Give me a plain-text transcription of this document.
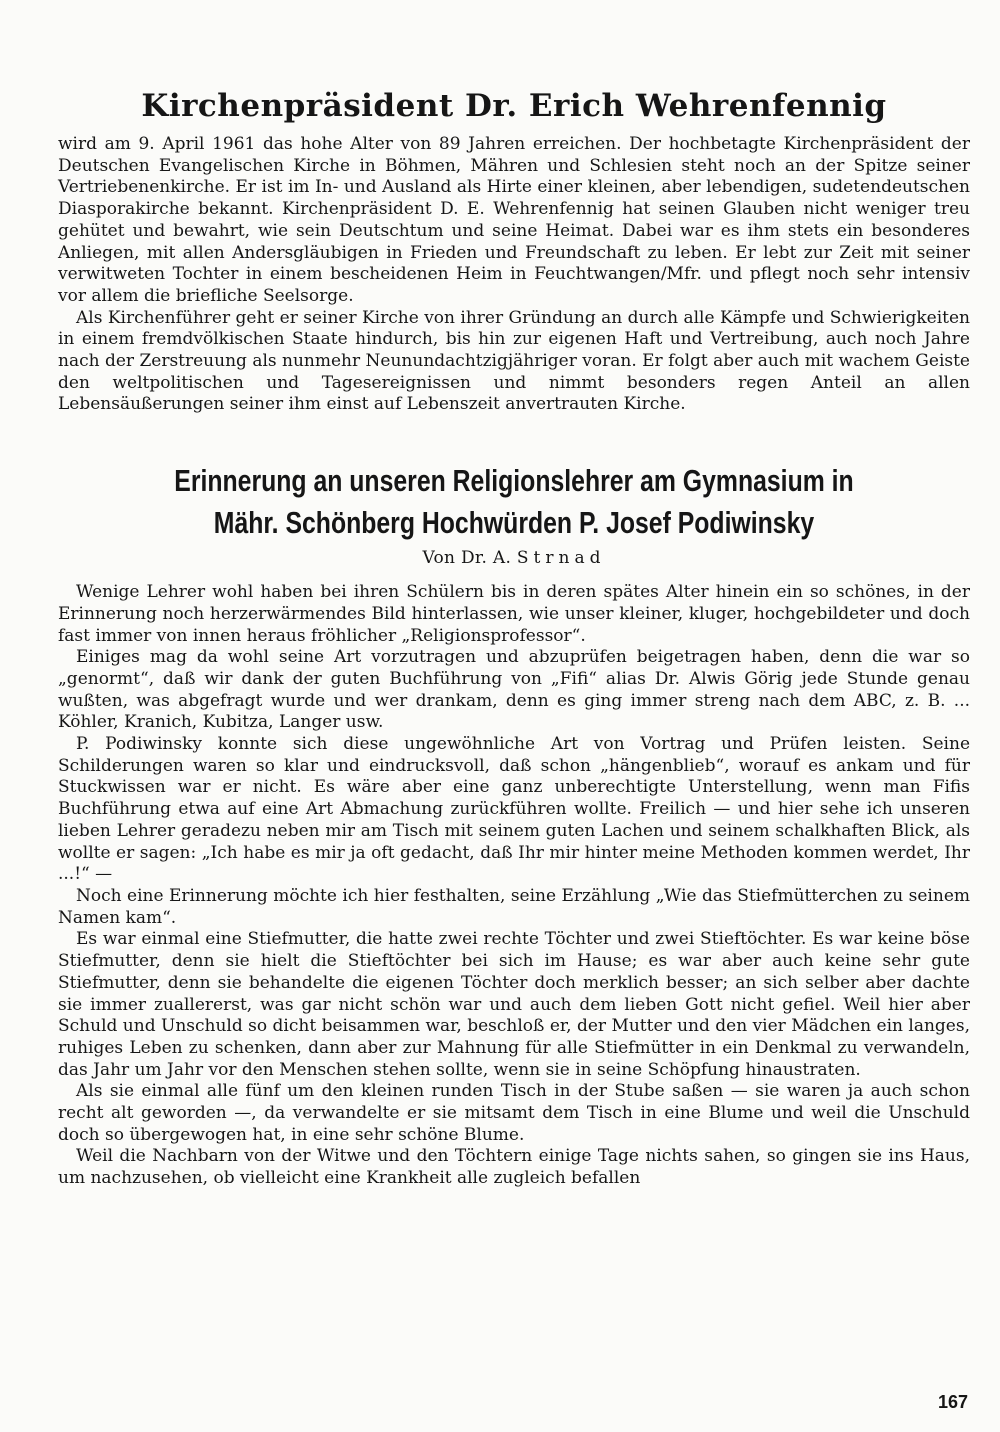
Kirchenpräsident Dr. Erich Wehrenfennig

wird am 9. April 1961 das hohe Alter von 89 Jahren erreichen. Der hochbetagte Kirchenpräsident der Deutschen Evangelischen Kirche in Böhmen, Mähren und Schlesien steht noch an der Spitze seiner Vertriebenenkirche. Er ist im In- und Ausland als Hirte einer kleinen, aber lebendigen, sudetendeutschen Diasporakirche bekannt. Kirchenpräsident D. E. Wehrenfennig hat seinen Glauben nicht weniger treu gehütet und bewahrt, wie sein Deutschtum und seine Heimat. Dabei war es ihm stets ein besonderes Anliegen, mit allen Andersgläubigen in Frieden und Freundschaft zu leben. Er lebt zur Zeit mit seiner verwitweten Tochter in einem bescheidenen Heim in Feuchtwangen/Mfr. und pflegt noch sehr intensiv vor allem die briefliche Seelsorge.

Als Kirchenführer geht er seiner Kirche von ihrer Gründung an durch alle Kämpfe und Schwierigkeiten in einem fremdvölkischen Staate hindurch, bis hin zur eigenen Haft und Vertreibung, auch noch Jahre nach der Zerstreuung als nunmehr Neunundachtzigjähriger voran. Er folgt aber auch mit wachem Geiste den weltpolitischen und Tagesereignissen und nimmt besonders regen Anteil an allen Lebensäußerungen seiner ihm einst auf Lebenszeit anvertrauten Kirche.

Erinnerung an unseren Religionslehrer am Gymnasium in
Mähr. Schönberg Hochwürden P. Josef Podiwinsky
Von Dr. A. Strnad

Wenige Lehrer wohl haben bei ihren Schülern bis in deren spätes Alter hinein ein so schönes, in der Erinnerung noch herzerwärmendes Bild hinterlassen, wie unser kleiner, kluger, hochgebildeter und doch fast immer von innen heraus fröhlicher „Religionsprofessor“.

Einiges mag da wohl seine Art vorzutragen und abzuprüfen beigetragen haben, denn die war so „genormt“, daß wir dank der guten Buchführung von „Fifi“ alias Dr. Alwis Görig jede Stunde genau wußten, was abgefragt wurde und wer drankam, denn es ging immer streng nach dem ABC, z. B. ... Köhler, Kranich, Kubitza, Langer usw.

P. Podiwinsky konnte sich diese ungewöhnliche Art von Vortrag und Prüfen leisten. Seine Schilderungen waren so klar und eindrucksvoll, daß schon „hängenblieb“, worauf es ankam und für Stuckwissen war er nicht. Es wäre aber eine ganz unberechtigte Unterstellung, wenn man Fifis Buchführung etwa auf eine Art Abmachung zurückführen wollte. Freilich — und hier sehe ich unseren lieben Lehrer geradezu neben mir am Tisch mit seinem guten Lachen und seinem schalkhaften Blick, als wollte er sagen: „Ich habe es mir ja oft gedacht, daß Ihr mir hinter meine Methoden kommen werdet, Ihr ...!“ —

Noch eine Erinnerung möchte ich hier festhalten, seine Erzählung „Wie das Stiefmütterchen zu seinem Namen kam“.

Es war einmal eine Stiefmutter, die hatte zwei rechte Töchter und zwei Stieftöchter. Es war keine böse Stiefmutter, denn sie hielt die Stieftöchter bei sich im Hause; es war aber auch keine sehr gute Stiefmutter, denn sie behandelte die eigenen Töchter doch merklich besser; an sich selber aber dachte sie immer zuallererst, was gar nicht schön war und auch dem lieben Gott nicht gefiel. Weil hier aber Schuld und Unschuld so dicht beisammen war, beschloß er, der Mutter und den vier Mädchen ein langes, ruhiges Leben zu schenken, dann aber zur Mahnung für alle Stiefmütter in ein Denkmal zu verwandeln, das Jahr um Jahr vor den Menschen stehen sollte, wenn sie in seine Schöpfung hinaustraten.

Als sie einmal alle fünf um den kleinen runden Tisch in der Stube saßen — sie waren ja auch schon recht alt geworden —, da verwandelte er sie mitsamt dem Tisch in eine Blume und weil die Unschuld doch so übergewogen hat, in eine sehr schöne Blume.

Weil die Nachbarn von der Witwe und den Töchtern einige Tage nichts sahen, so gingen sie ins Haus, um nachzusehen, ob vielleicht eine Krankheit alle zugleich befallen

167
